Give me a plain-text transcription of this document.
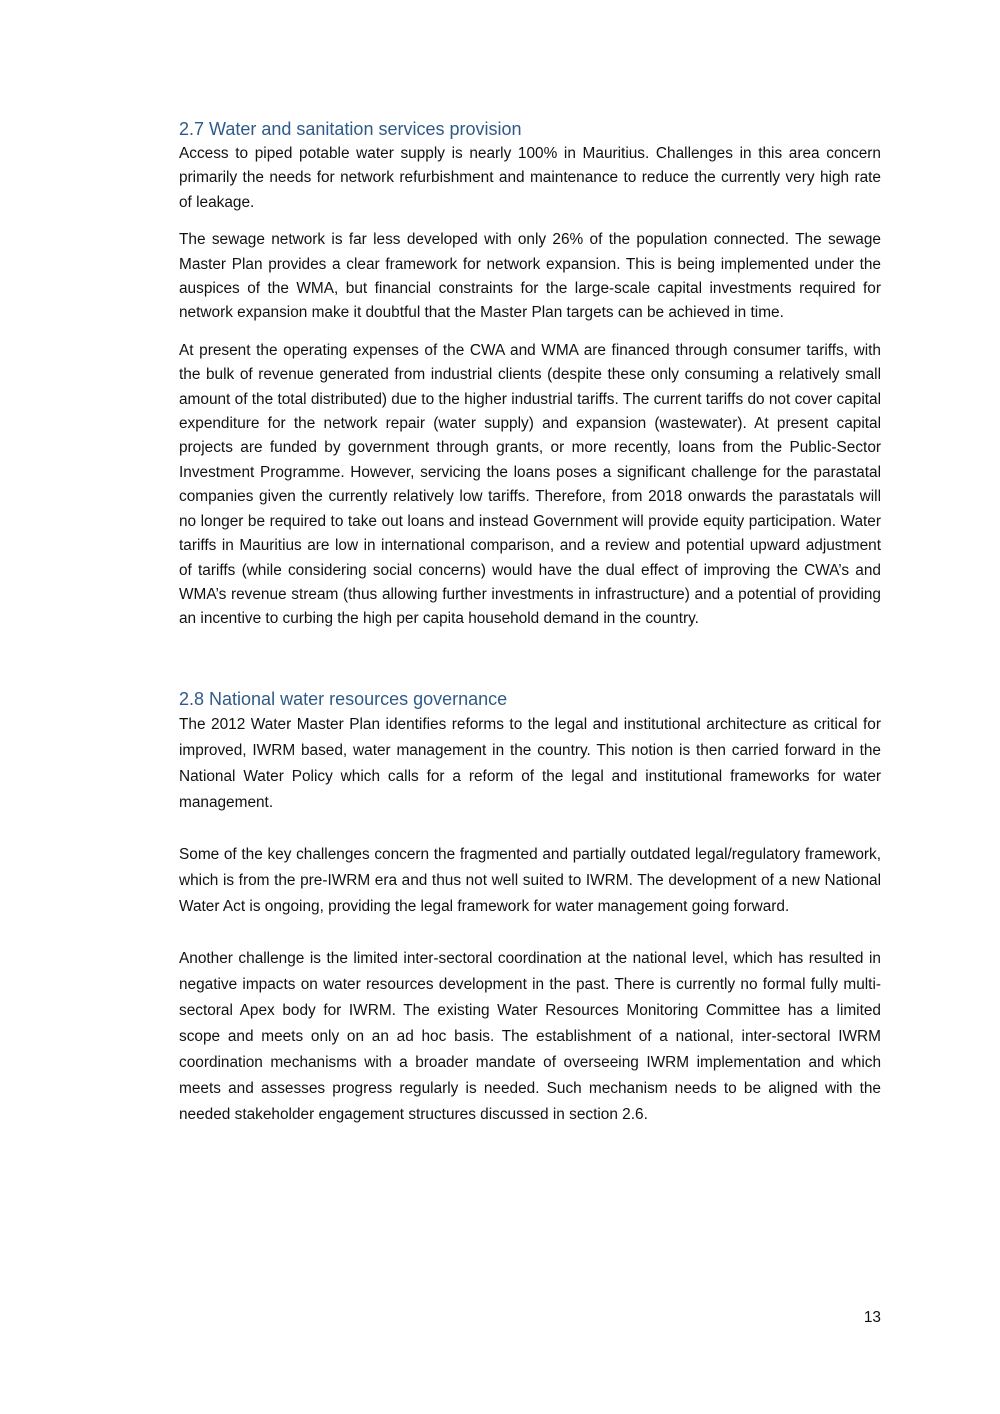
2.7 Water and sanitation services provision

Access to piped potable water supply is nearly 100% in Mauritius. Challenges in this area concern primarily the needs for network refurbishment and maintenance to reduce the currently very high rate of leakage.

The sewage network is far less developed with only 26% of the population connected. The sewage Master Plan provides a clear framework for network expansion. This is being implemented under the auspices of the WMA, but financial constraints for the large-scale capital investments required for network expansion make it doubtful that the Master Plan targets can be achieved in time.

At present the operating expenses of the CWA and WMA are financed through consumer tariffs, with the bulk of revenue generated from industrial clients (despite these only consuming a relatively small amount of the total distributed) due to the higher industrial tariffs. The current tariffs do not cover capital expenditure for the network repair (water supply) and expansion (wastewater). At present capital projects are funded by government through grants, or more recently, loans from the Public-Sector Investment Programme. However, servicing the loans poses a significant challenge for the parastatal companies given the currently relatively low tariffs. Therefore, from 2018 onwards the parastatals will no longer be required to take out loans and instead Government will provide equity participation. Water tariffs in Mauritius are low in international comparison, and a review and potential upward adjustment of tariffs (while considering social concerns) would have the dual effect of improving the CWA’s and WMA’s revenue stream (thus allowing further investments in infrastructure) and a potential of providing an incentive to curbing the high per capita household demand in the country.

2.8 National water resources governance

The 2012 Water Master Plan identifies reforms to the legal and institutional architecture as critical for improved, IWRM based, water management in the country. This notion is then carried forward in the National Water Policy which calls for a reform of the legal and institutional frameworks for water management.

Some of the key challenges concern the fragmented and partially outdated legal/regulatory framework, which is from the pre-IWRM era and thus not well suited to IWRM. The development of a new National Water Act is ongoing, providing the legal framework for water management going forward.

Another challenge is the limited inter-sectoral coordination at the national level, which has resulted in negative impacts on water resources development in the past. There is currently no formal fully multi-sectoral Apex body for IWRM. The existing Water Resources Monitoring Committee has a limited scope and meets only on an ad hoc basis. The establishment of a national, inter-sectoral IWRM coordination mechanisms with a broader mandate of overseeing IWRM implementation and which meets and assesses progress regularly is needed. Such mechanism needs to be aligned with the needed stakeholder engagement structures discussed in section 2.6.

13
